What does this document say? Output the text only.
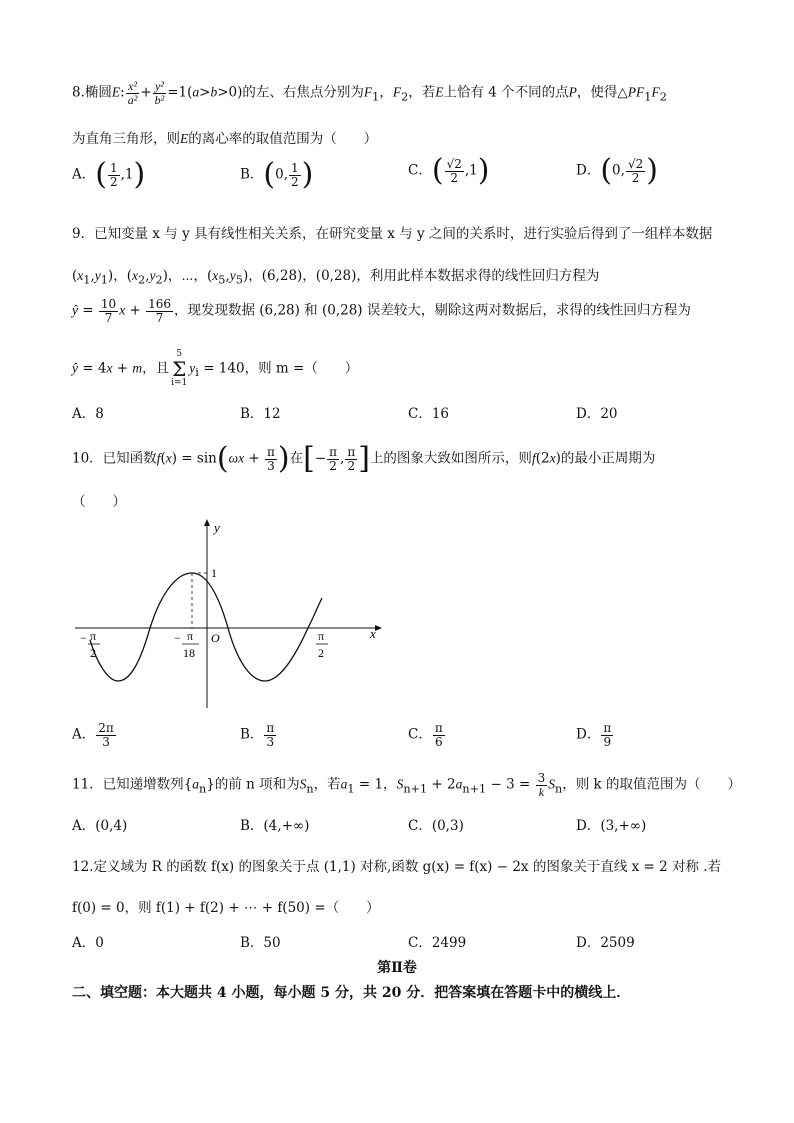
8.椭圆E: $\frac{\text{x²}}{\text{a²}} + \frac{\text{y²}}{\text{b²}} =1(a>b>0)$的左、右焦点分别为$F_1$，$F_2$，若E上恰有 4 个不同的点P，使得$\triangle PF_1F_2$
为直角三角形，则E的离心率的取值范围为（　　）
A．( $\frac{1}{2} ,1$)	B．(0, $\frac{1}{2}$ )	C．( $\frac{√2}{2} ,1$)	D．(0, $\frac{√2}{2}$ )
9．已知变量 x 与 y 具有线性相关关系，在研究变量 x 与 y 之间的关系时，进行实验后得到了一组样本数据
$(x_1,y_1)$，$(x_2,y_2)$，⋯，$(x_5,y_5)$，(6,28)，(0,28)，利用此样本数据求得的线性回归方程为
ŷ = $\frac{10}{7}$ $x + \frac{166}{7}$ ，现发现数据 (6,28) 和 (0,28) 误差较大，剔除这两对数据后，求得的线性回归方程为
ŷ = 4x + m，且
5
Σ
i=1
$y_i = 140$，则 m =（　　）
A．8	B．12	C．16	D．20
10．已知函数$f(x) = \sin(\omega x + \frac{\pi}{3}$ )在[− $\frac{\pi}{2}$ , $\frac{\pi}{2}$ ]上的图象大致如图所示，则f(2x)的最小正周期为
（　　）
y
x
1
O
− π
2
− π
18
π
2
A． $\frac{2\pi}{3}$	B． $\frac{\pi}{3}$	C． $\frac{\pi}{6}$	D． $\frac{\pi}{9}$
11．已知递增数列$\{a_n\}$的前 n 项和为$S_n$，若$a_1 = 1$，$S_{n+1} + 2a_{n+1} - 3 = \frac{3}{k} S_n$，则 k 的取值范围为（　　）
A．(0,4)	B．(4,+∞)	C．(0,3)	D．(3,+∞)
12.定义域为 R 的函数 f(x) 的图象关于点 (1,1) 对称,函数 g(x) = f(x) − 2x 的图象关于直线 x = 2 对称 .若
f(0) = 0，则 f(1) + f(2) + ⋯ + f(50) =（　　）
A．0	B．50	C．2499	D．2509
第Ⅱ卷
二、填空题：本大题共 4 小题，每小题 5 分，共 20 分．把答案填在答题卡中的横线上．
